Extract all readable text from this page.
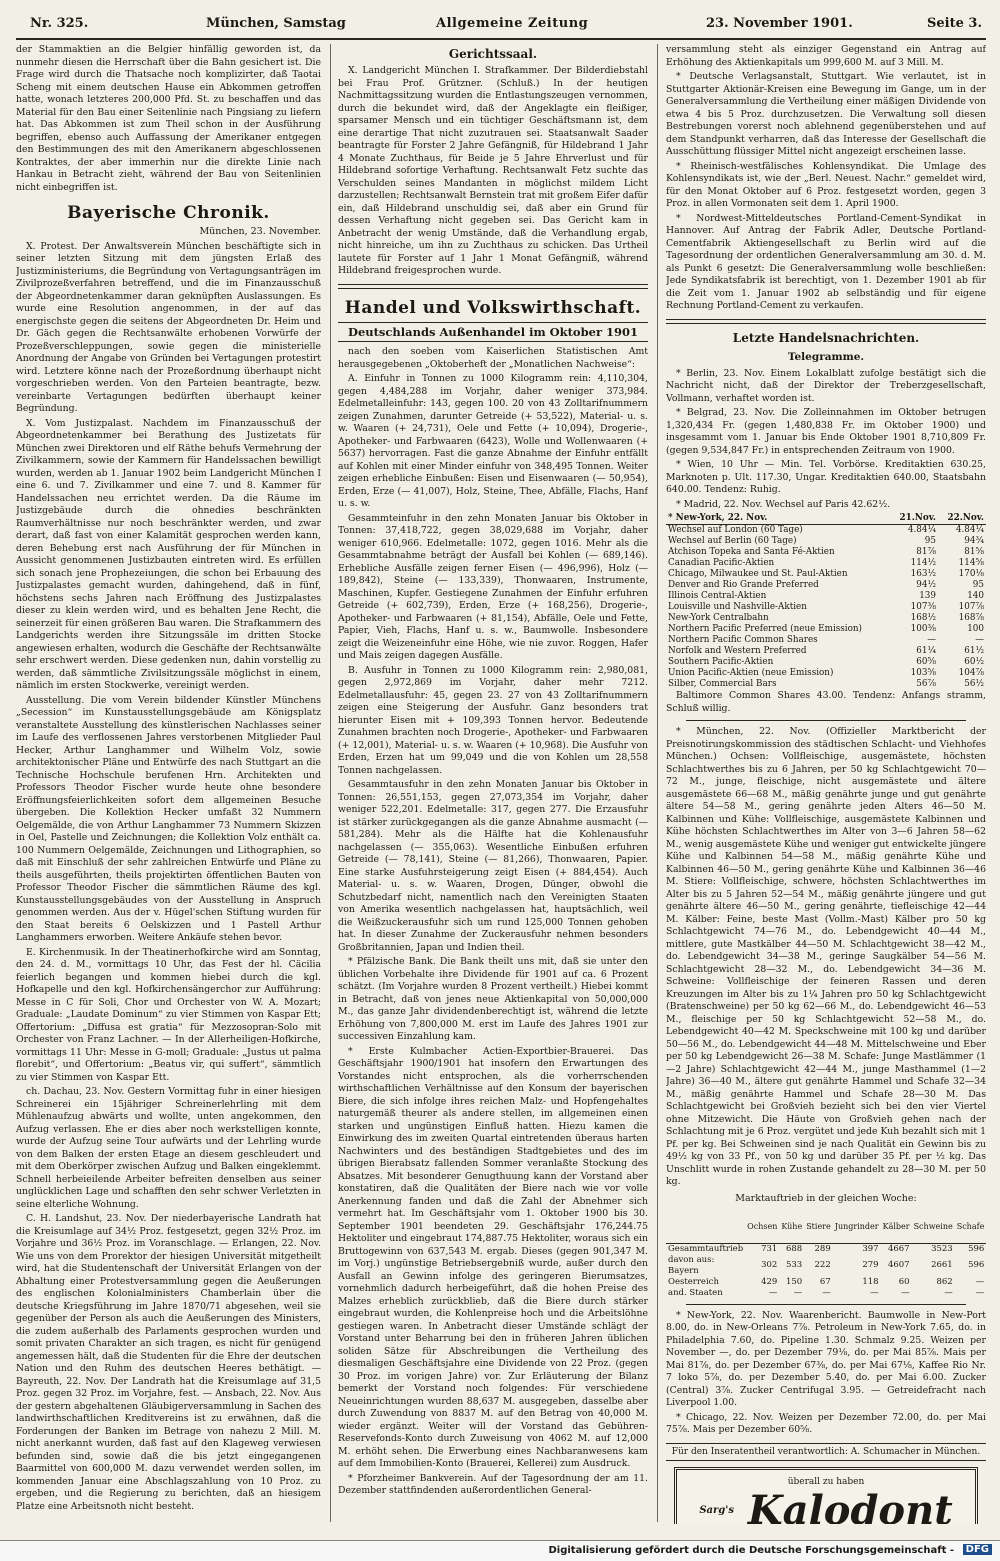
Nr. 325.	München, Samstag	Allgemeine Zeitung	23. November 1901.	Seite 3.

der Stammaktien an die Belgier hinfällig geworden ist, da nunmehr diesen die Herrschaft über die Bahn gesichert ist. Die Frage wird durch die Thatsache noch komplizirter, daß Taotai Scheng mit einem deutschen Hause ein Abkommen getroffen hatte, wonach letzteres 200,000 Pfd. St. zu beschaffen und das Material für den Bau einer Seitenlinie nach Pingsiang zu liefern hat. Das Abkommen ist zum Theil schon in der Ausführung begriffen, ebenso auch Auffassung der Amerikaner entgegen den Bestimmungen des mit den Amerikanern abgeschlossenen Kontraktes, der aber immerhin nur die direkte Linie nach Hankau in Betracht zieht, während der Bau von Seitenlinien nicht einbegriffen ist.

Bayerische Chronik.
München, 23. November.

X. Protest. Der Anwaltsverein München beschäftigte sich in seiner letzten Sitzung mit dem jüngsten Erlaß des Justizministeriums, die Begründung von Vertagungsanträgen im Zivilprozeßverfahren betreffend, und die im Finanzausschuß der Abgeordnetenkammer daran geknüpften Auslassungen. Es wurde eine Resolution angenommen, in der auf das energischste gegen die seitens der Abgeordneten Dr. Heim und Dr. Gäch gegen die Rechtsanwälte erhobenen Vorwürfe der Prozeßverschleppungen, sowie gegen die ministerielle Anordnung der Angabe von Gründen bei Vertagungen protestirt wird. Letztere könne nach der Prozeßordnung überhaupt nicht vorgeschrieben werden. Von den Parteien beantragte, bezw. vereinbarte Vertagungen bedürften überhaupt keiner Begründung.

X. Vom Justizpalast. Nachdem im Finanzausschuß der Abgeordnetenkammer bei Berathung des Justizetats für München zwei Direktoren und elf Räthe behufs Vermehrung der Zivilkammern, sowie der Kammern für Handelssachen bewilligt wurden, werden ab 1. Januar 1902 beim Landgericht München I eine 6. und 7. Zivilkammer und eine 7. und 8. Kammer für Handelssachen neu errichtet werden. Da die Räume im Justizgebäude durch die ohnedies beschränkten Raumverhältnisse nur noch beschränkter werden, und zwar derart, daß fast von einer Kalamität gesprochen werden kann, deren Behebung erst nach Ausführung der für München in Aussicht genommenen Justizbauten eintreten wird. Es erfüllen sich sonach jene Prophezeiungen, die schon bei Erbauung des Justizpalastes gemacht wurden, dahingehend, daß in fünf, höchstens sechs Jahren nach Eröffnung des Justizpalastes dieser zu klein werden wird, und es behalten Jene Recht, die seinerzeit für einen größeren Bau waren. Die Strafkammern des Landgerichts werden ihre Sitzungssäle im dritten Stocke angewiesen erhalten, wodurch die Geschäfte der Rechtsanwälte sehr erschwert werden. Diese gedenken nun, dahin vorstellig zu werden, daß sämmtliche Zivilsitzungssäle möglichst in einem, nämlich im ersten Stockwerke, vereinigt werden.

Ausstellung. Die vom Verein bildender Künstler Münchens „Secession“ im Kunstausstellungsgebäude am Königsplatz veranstaltete Ausstellung des künstlerischen Nachlasses seiner im Laufe des verflossenen Jahres verstorbenen Mitglieder Paul Hecker, Arthur Langhammer und Wilhelm Volz, sowie architektonischer Pläne und Entwürfe des nach Stuttgart an die Technische Hochschule berufenen Hrn. Architekten und Professors Theodor Fischer wurde heute ohne besondere Eröffnungsfeierlichkeiten sofort dem allgemeinen Besuche übergeben. Die Kollektion Hecker umfaßt 32 Nummern Oelgemälde, die von Arthur Langhammer 73 Nummern Skizzen in Oel, Pastelle und Zeichnungen; die Kollektion Volz enthält ca. 100 Nummern Oelgemälde, Zeichnungen und Lithographien, so daß mit Einschluß der sehr zahlreichen Entwürfe und Pläne zu theils ausgeführten, theils projektirten öffentlichen Bauten von Professor Theodor Fischer die sämmtlichen Räume des kgl. Kunstausstellungsgebäudes von der Ausstellung in Anspruch genommen werden. Aus der v. Hügel'schen Stiftung wurden für den Staat bereits 6 Oelskizzen und 1 Pastell Arthur Langhammers erworben. Weitere Ankäufe stehen bevor.

E. Kirchenmusik. In der Theatinerhofkirche wird am Sonntag, den 24. d. M., vormittags 10 Uhr, das Fest der hl. Cäcilia feierlich begangen und kommen hiebei durch die kgl. Hofkapelle und den kgl. Hofkirchensängerchor zur Aufführung: Messe in C für Soli, Chor und Orchester von W. A. Mozart; Graduale: „Laudate Dominum“ zu vier Stimmen von Kaspar Ett; Offertorium: „Diffusa est gratia“ für Mezzosopran-Solo mit Orchester von Franz Lachner. — In der Allerheiligen-Hofkirche, vormittags 11 Uhr: Messe in G-moll; Graduale: „Justus ut palma florebit“, und Offertorium: „Beatus vir, qui suffert“, sämmtlich zu vier Stimmen von Kaspar Ett.

ch. Dachau, 23. Nov. Gestern Vormittag fuhr in einer hiesigen Schreinerei ein 15jähriger Schreinerlehrling mit dem Mühlenaufzug abwärts und wollte, unten angekommen, den Aufzug verlassen. Ehe er dies aber noch werkstelligen konnte, wurde der Aufzug seine Tour aufwärts und der Lehrling wurde von dem Balken der ersten Etage an diesem geschleudert und mit dem Oberkörper zwischen Aufzug und Balken eingeklemmt. Schnell herbeieilende Arbeiter befreiten denselben aus seiner unglücklichen Lage und schafften den sehr schwer Verletzten in seine elterliche Wohnung.

C. H. Landshut, 23. Nov. Der niederbayerische Landrath hat die Kreisumlage auf 34½ Proz. festgesetzt, gegen 32½ Proz. im Vorjahre und 36½ Proz. im Voranschlage. — Erlangen, 22. Nov. Wie uns von dem Prorektor der hiesigen Universität mitgetheilt wird, hat die Studentenschaft der Universität Erlangen von der Abhaltung einer Protestversammlung gegen die Aeußerungen des englischen Kolonialministers Chamberlain über die deutsche Kriegsführung im Jahre 1870/71 abgesehen, weil sie gegenüber der Person als auch die Aeußerungen des Ministers, die zudem außerhalb des Parlaments gesprochen wurden und somit privaten Charakter an sich tragen, es nicht für genügend angemessen hält, daß die Studenten für die Ehre der deutschen Nation und den Ruhm des deutschen Heeres bethätigt. — Bayreuth, 22. Nov. Der Landrath hat die Kreisumlage auf 31,5 Proz. gegen 32 Proz. im Vorjahre, fest. — Ansbach, 22. Nov. Aus der gestern abgehaltenen Gläubigerversammlung in Sachen des landwirthschaftlichen Kreditvereins ist zu erwähnen, daß die Forderungen der Banken im Betrage von nahezu 2 Mill. M. nicht anerkannt wurden, daß fast auf den Klageweg verwiesen befunden sind, sowie daß die bis jetzt eingegangenen Baarmittel von 600,000 M. dazu verwendet werden sollen, im kommenden Januar eine Abschlagszahlung von 10 Proz. zu ergeben, und die Regierung zu berichten, daß an hiesigem Platze eine Arbeitsnoth nicht besteht.

Gerichtssaal.

X. Landgericht München I. Strafkammer. Der Bilderdiebstahl bei Frau Prof. Grützner. (Schluß.) In der heutigen Nachmittagssitzung wurden die Entlastungszeugen vernommen, durch die bekundet wird, daß der Angeklagte ein fleißiger, sparsamer Mensch und ein tüchtiger Geschäftsmann ist, dem eine derartige That nicht zuzutrauen sei. Staatsanwalt Saader beantragte für Forster 2 Jahre Gefängniß, für Hildebrand 1 Jahr 4 Monate Zuchthaus, für Beide je 5 Jahre Ehrverlust und für Hildebrand sofortige Verhaftung. Rechtsanwalt Fetz suchte das Verschulden seines Mandanten in möglichst mildem Licht darzustellen; Rechtsanwalt Bernstein trat mit großem Eifer dafür ein, daß Hildebrand unschuldig sei, daß aber ein Grund für dessen Verhaftung nicht gegeben sei. Das Gericht kam in Anbetracht der wenig Umstände, daß die Verhandlung ergab, nicht hinreiche, um ihn zu Zuchthaus zu schicken. Das Urtheil lautete für Forster auf 1 Jahr 1 Monat Gefängniß, während Hildebrand freigesprochen wurde.

Handel und Volkswirthschaft.
Deutschlands Außenhandel im Oktober 1901

nach den soeben vom Kaiserlichen Statistischen Amt herausgegebenen „Oktoberheft der „Monatlichen Nachweise“:

A. Einfuhr in Tonnen zu 1000 Kilogramm rein: 4,110,304, gegen 4,484,288 im Vorjahr, daher weniger 373,984. Edelmetalleinfuhr: 143, gegen 100. 20 von 43 Zolltarifnummern zeigen Zunahmen, darunter Getreide (+ 53,522), Material- u. s. w. Waaren (+ 24,731), Oele und Fette (+ 10,094), Drogerie-, Apotheker- und Farbwaaren (6423), Wolle und Wollenwaaren (+ 5637) hervorragen. Fast die ganze Abnahme der Einfuhr entfällt auf Kohlen mit einer Minder einfuhr von 348,495 Tonnen. Weiter zeigen erhebliche Einbußen: Eisen und Eisenwaaren (— 50,954), Erden, Erze (— 41,007), Holz, Steine, Thee, Abfälle, Flachs, Hanf u. s. w.

Gesammteinfuhr in den zehn Monaten Januar bis Oktober in Tonnen: 37,418,722, gegen 38,029,688 im Vorjahr, daher weniger 610,966. Edelmetalle: 1072, gegen 1016. Mehr als die Gesammtabnahme beträgt der Ausfall bei Kohlen (— 689,146). Erhebliche Ausfälle zeigen ferner Eisen (— 496,996), Holz (— 189,842), Steine (— 133,339), Thonwaaren, Instrumente, Maschinen, Kupfer. Gestiegene Zunahmen der Einfuhr erfuhren Getreide (+ 602,739), Erden, Erze (+ 168,256), Drogerie-, Apotheker- und Farbwaaren (+ 81,154), Abfälle, Oele und Fette, Papier, Vieh, Flachs, Hanf u. s. w., Baumwolle. Insbesondere zeigt die Weizeneinfuhr eine Höhe, wie nie zuvor. Roggen, Hafer und Mais zeigen dagegen Ausfälle.

B. Ausfuhr in Tonnen zu 1000 Kilogramm rein: 2,980,081, gegen 2,972,869 im Vorjahr, daher mehr 7212. Edelmetallausfuhr: 45, gegen 23. 27 von 43 Zolltarifnummern zeigen eine Steigerung der Ausfuhr. Ganz besonders trat hierunter Eisen mit + 109,393 Tonnen hervor. Bedeutende Zunahmen brachten noch Drogerie-, Apotheker- und Farbwaaren (+ 12,001), Material- u. s. w. Waaren (+ 10,968). Die Ausfuhr von Erden, Erzen hat um 99,049 und die von Kohlen um 28,558 Tonnen nachgelassen.

Gesammtausfuhr in den zehn Monaten Januar bis Oktober in Tonnen: 26,551,153, gegen 27,073,354 im Vorjahr, daher weniger 522,201. Edelmetalle: 317, gegen 277. Die Erzausfuhr ist stärker zurückgegangen als die ganze Abnahme ausmacht (— 581,284). Mehr als die Hälfte hat die Kohlenausfuhr nachgelassen (— 355,063). Wesentliche Einbußen erfuhren Getreide (— 78,141), Steine (— 81,266), Thonwaaren, Papier. Eine starke Ausfuhrsteigerung zeigt Eisen (+ 884,454). Auch Material- u. s. w. Waaren, Drogen, Dünger, obwohl die Schutzbedarf nicht, namentlich nach den Vereinigten Staaten von Amerika wesentlich nachgelassen hat, hauptsächlich, weil die Weißzuckerausfuhr sich um rund 125,000 Tonnen gehoben hat. In dieser Zunahme der Zuckerausfuhr nehmen besonders Großbritannien, Japan und Indien theil.

* Pfälzische Bank. Die Bank theilt uns mit, daß sie unter den üblichen Vorbehalte ihre Dividende für 1901 auf ca. 6 Prozent schätzt. (Im Vorjahre wurden 8 Prozent vertheilt.) Hiebei kommt in Betracht, daß von jenes neue Aktienkapital von 50,000,000 M., das ganze Jahr dividendenberechtigt ist, während die letzte Erhöhung von 7,800,000 M. erst im Laufe des Jahres 1901 zur successiven Einzahlung kam.

* Erste Kulmbacher Actien-Exportbier-Brauerei. Das Geschäftsjahr 1900/1901 hat insofern den Erwartungen des Vorstandes nicht entsprochen, als die vorherrschenden wirthschaftlichen Verhältnisse auf den Konsum der bayerischen Biere, die sich infolge ihres reichen Malz- und Hopfengehaltes naturgemäß theurer als andere stellen, im allgemeinen einen starken und ungünstigen Einfluß hatten. Hiezu kamen die Einwirkung des im zweiten Quartal eintretenden überaus harten Nachwinters und des beständigen Stadtgebietes und des im übrigen Bierabsatz fallenden Sommer veranlaßte Stockung des Absatzes. Mit besonderer Genugthuung kann der Vorstand aber konstatiren, daß die Qualitäten der Biere nach wie vor volle Anerkennung fanden und daß die Zahl der Abnehmer sich vermehrt hat. Im Geschäftsjahr vom 1. Oktober 1900 bis 30. September 1901 beendeten 29. Geschäftsjahr 176,244.75 Hektoliter und eingebraut 174,887.75 Hektoliter, woraus sich ein Bruttogewinn von 637,543 M. ergab. Dieses (gegen 901,347 M. im Vorj.) ungünstige Betriebsergebniß wurde, außer durch den Ausfall an Gewinn infolge des geringeren Bierumsatzes, vornehmlich dadurch herbeigeführt, daß die hohen Preise des Malzes erheblich zurückblieb, daß die Biere durch stärker eingebraut wurden, die Kohlenpreise hoch und die Arbeitslöhne gestiegen waren. In Anbetracht dieser Umstände schlägt der Vorstand unter Beharrung bei den in früheren Jahren üblichen soliden Sätze für Abschreibungen die Vertheilung des diesmaligen Geschäftsjahre eine Dividende von 22 Proz. (gegen 30 Proz. im vorigen Jahre) vor. Zur Erläuterung der Bilanz bemerkt der Vorstand noch folgendes: Für verschiedene Neueinrichtungen wurden 88,637 M. ausgegeben, dasselbe aber durch Zuwendung von 8837 M. auf den Betrag von 40,000 M. wieder ergänzt. Weiter will der Vorstand das Gebühren-Reservefonds-Konto durch Zuweisung von 4062 M. auf 12,000 M. erhöht sehen. Die Erwerbung eines Nachbaranwesens kam auf dem Immobilien-Konto (Brauerei, Kellerei) zum Ausdruck.

* Pforzheimer Bankverein. Auf der Tagesordnung der am 11. Dezember stattfindenden außerordentlichen General-

versammlung steht als einziger Gegenstand ein Antrag auf Erhöhung des Aktienkapitals um 999,600 M. auf 3 Mill. M.

* Deutsche Verlagsanstalt, Stuttgart. Wie verlautet, ist in Stuttgarter Aktionär-Kreisen eine Bewegung im Gange, um in der Generalversammlung die Vertheilung einer mäßigen Dividende von etwa 4 bis 5 Proz. durchzusetzen. Die Verwaltung soll diesen Bestrebungen vorerst noch ablehnend gegenüberstehen und auf dem Standpunkt verharren, daß das Interesse der Gesellschaft die Ausschüttung flüssiger Mittel nicht angezeigt erscheinen lasse.

* Rheinisch-westfälisches Kohlensyndikat. Die Umlage des Kohlensyndikats ist, wie der „Berl. Neuest. Nachr.“ gemeldet wird, für den Monat Oktober auf 6 Proz. festgesetzt worden, gegen 3 Proz. in allen Vormonaten seit dem 1. April 1900.

* Nordwest-Mitteldeutsches Portland-Cement-Syndikat in Hannover. Auf Antrag der Fabrik Adler, Deutsche Portland-Cementfabrik Aktiengesellschaft zu Berlin wird auf die Tagesordnung der ordentlichen Generalversammlung am 30. d. M. als Punkt 6 gesetzt: Die Generalversammlung wolle beschließen: Jede Syndikatsfabrik ist berechtigt, von 1. Dezember 1901 ab für die Zeit vom 1. Januar 1902 ab selbständig und für eigene Rechnung Portland-Cement zu verkaufen.

Letzte Handelsnachrichten.
Telegramme.

* Berlin, 23. Nov. Einem Lokalblatt zufolge bestätigt sich die Nachricht nicht, daß der Direktor der Treberzgesellschaft, Vollmann, verhaftet worden ist.

* Belgrad, 23. Nov. Die Zolleinnahmen im Oktober betrugen 1,320,434 Fr. (gegen 1,480,838 Fr. im Oktober 1900) und insgesammt vom 1. Januar bis Ende Oktober 1901 8,710,809 Fr. (gegen 9,534,847 Fr.) in entsprechenden Zeitraum von 1900.

* Wien, 10 Uhr — Min. Tel. Vorbörse. Kreditaktien 630.25, Marknoten p. Ult. 117.30, Ungar. Kreditaktien 640.00, Staatsbahn 640.00. Tendenz: Ruhig.

* Madrid, 22. Nov. Wechsel auf Paris 42.62½.

* New-York, 22. Nov.	21.Nov.	22.Nov.
Wechsel auf London (60 Tage)	4.84¼	4.84¼
Wechsel auf Berlin (60 Tage)	95	94¾
Atchison Topeka and Santa Fé-Aktien	81⅞	81⅝
Canadian Pacific-Aktien	114½	114⅝
Chicago, Milwaukee und St. Paul-Aktien	163½	170⅛
Denver and Rio Grande Preferred	94½	95
Illinois Central-Aktien	139	140
Louisville und Nashville-Aktien	107⅜	107⅞
New-York Centralbahn	168½	168⅞
Northern Pacific Preferred (neue Emission)	100⅜	100
Northern Pacific Common Shares	—	—
Norfolk and Western Preferred	61¼	61½
Southern Pacific-Aktien	60⅝	60½
Union Pacific-Aktien (neue Emission)	103⅝	104⅞
Silber, Commercial Bars	56⅞	56½

Baltimore Common Shares 43.00. Tendenz: Anfangs stramm, Schluß willig.

* München, 22. Nov. (Offizieller Marktbericht der Preisnotirungskommission des städtischen Schlacht- und Viehhofes München.) Ochsen: Vollfleischige, ausgemästete, höchsten Schlachtwerthes bis zu 6 Jahren, per 50 kg Schlachtgewicht 70—72 M., junge, fleischige, nicht ausgemästete und ältere ausgemästete 66—68 M., mäßig genährte junge und gut genährte ältere 54—58 M., gering genährte jeden Alters 46—50 M. Kalbinnen und Kühe: Vollfleischige, ausgemästete Kalbinnen und Kühe höchsten Schlachtwerthes im Alter von 3—6 Jahren 58—62 M., wenig ausgemästete Kühe und weniger gut entwickelte jüngere Kühe und Kalbinnen 54—58 M., mäßig genährte Kühe und Kalbinnen 46—50 M., gering genährte Kühe und Kalbinnen 36—46 M. Stiere: Vollfleischige, schwere, höchsten Schlachtwerthes im Alter bis zu 5 Jahren 52—54 M., mäßig genährte jüngere und gut genährte ältere 46—50 M., gering genährte, tiefleischige 42—44 M. Kälber: Feine, beste Mast (Vollm.-Mast) Kälber pro 50 kg Schlachtgewicht 74—76 M., do. Lebendgewicht 40—44 M., mittlere, gute Mastkälber 44—50 M. Schlachtgewicht 38—42 M., do. Lebendgewicht 34—38 M., geringe Saugkälber 54—56 M. Schlachtgewicht 28—32 M., do. Lebendgewicht 34—36 M. Schweine: Vollfleischige der feineren Rassen und deren Kreuzungen im Alter bis zu 1¼ Jahren pro 50 kg Schlachtgewicht (Bratenschweine) per 50 kg 62—66 M., do. Lebendgewicht 46—53 M., fleischige per 50 kg Schlachtgewicht 52—58 M., do. Lebendgewicht 40—42 M. Speckschweine mit 100 kg und darüber 50—56 M., do. Lebendgewicht 44—48 M. Mittelschweine und Eber per 50 kg Lebendgewicht 26—38 M. Schafe: Junge Mastlämmer (1—2 Jahre) Schlachtgewicht 42—44 M., junge Masthammel (1—2 Jahre) 36—40 M., ältere gut genährte Hammel und Schafe 32—34 M., mäßig genährte Hammel und Schafe 28—30 M. Das Schlachtgewicht bei Großvieh bezieht sich bei den vier Viertel ohne Mitzewicht. Die Häute von Großvieh gehen nach der Schlachtung mit je 6 Proz. vergütet und jede Kuh bezahlt sich mit 1 Pf. per kg. Bei Schweinen sind je nach Qualität ein Gewinn bis zu 49½ kg von 33 Pf., von 50 kg und darüber 35 Pf. per ½ kg. Das Unschlitt wurde in rohen Zustande gehandelt zu 28—30 M. per 50 kg.

Marktauftrieb in der gleichen Woche:
	Ochsen	Kühe	Stiere	Jungrinder	Kälber	Schweine	Schafe	
Gesammtauftrieb	731	688	289	397	4667	3523	596	
davon aus: Bayern	302	533	222	279	4607	2661	596	
Oesterreich	429	150	67	118	60	862	—	
and. Staaten	—	—	—	—	—	—	—	

* New-York, 22. Nov. Waarenbericht. Baumwolle in New-Port 8.00, do. in New-Orleans 7⅞. Petroleum in New-York 7.65, do. in Philadelphia 7.60, do. Pipeline 1.30. Schmalz 9.25. Weizen per November —, do. per Dezember 79⅛, do. per Mai 85⅞. Mais per Mai 81⅞, do. per Dezember 67⅜, do. per Mai 67⅛, Kaffee Rio Nr. 7 loko 5⅞, do. per Dezember 5.40, do. per Mai 6.00. Zucker (Central) 3⅞. Zucker Centrifugal 3.95. — Getreidefracht nach Liverpool 1.00.

* Chicago, 22. Nov. Weizen per Dezember 72.00, do. per Mai 75⅞. Mais per Dezember 60⅝.

Für den Inseratentheil verantwortlich: A. Schumacher in München.
überall zu haben
$^{Sarg's}$ Kalodont
Digitalisierung gefördert durch die Deutsche Forschungsgemeinschaft -	DFG
